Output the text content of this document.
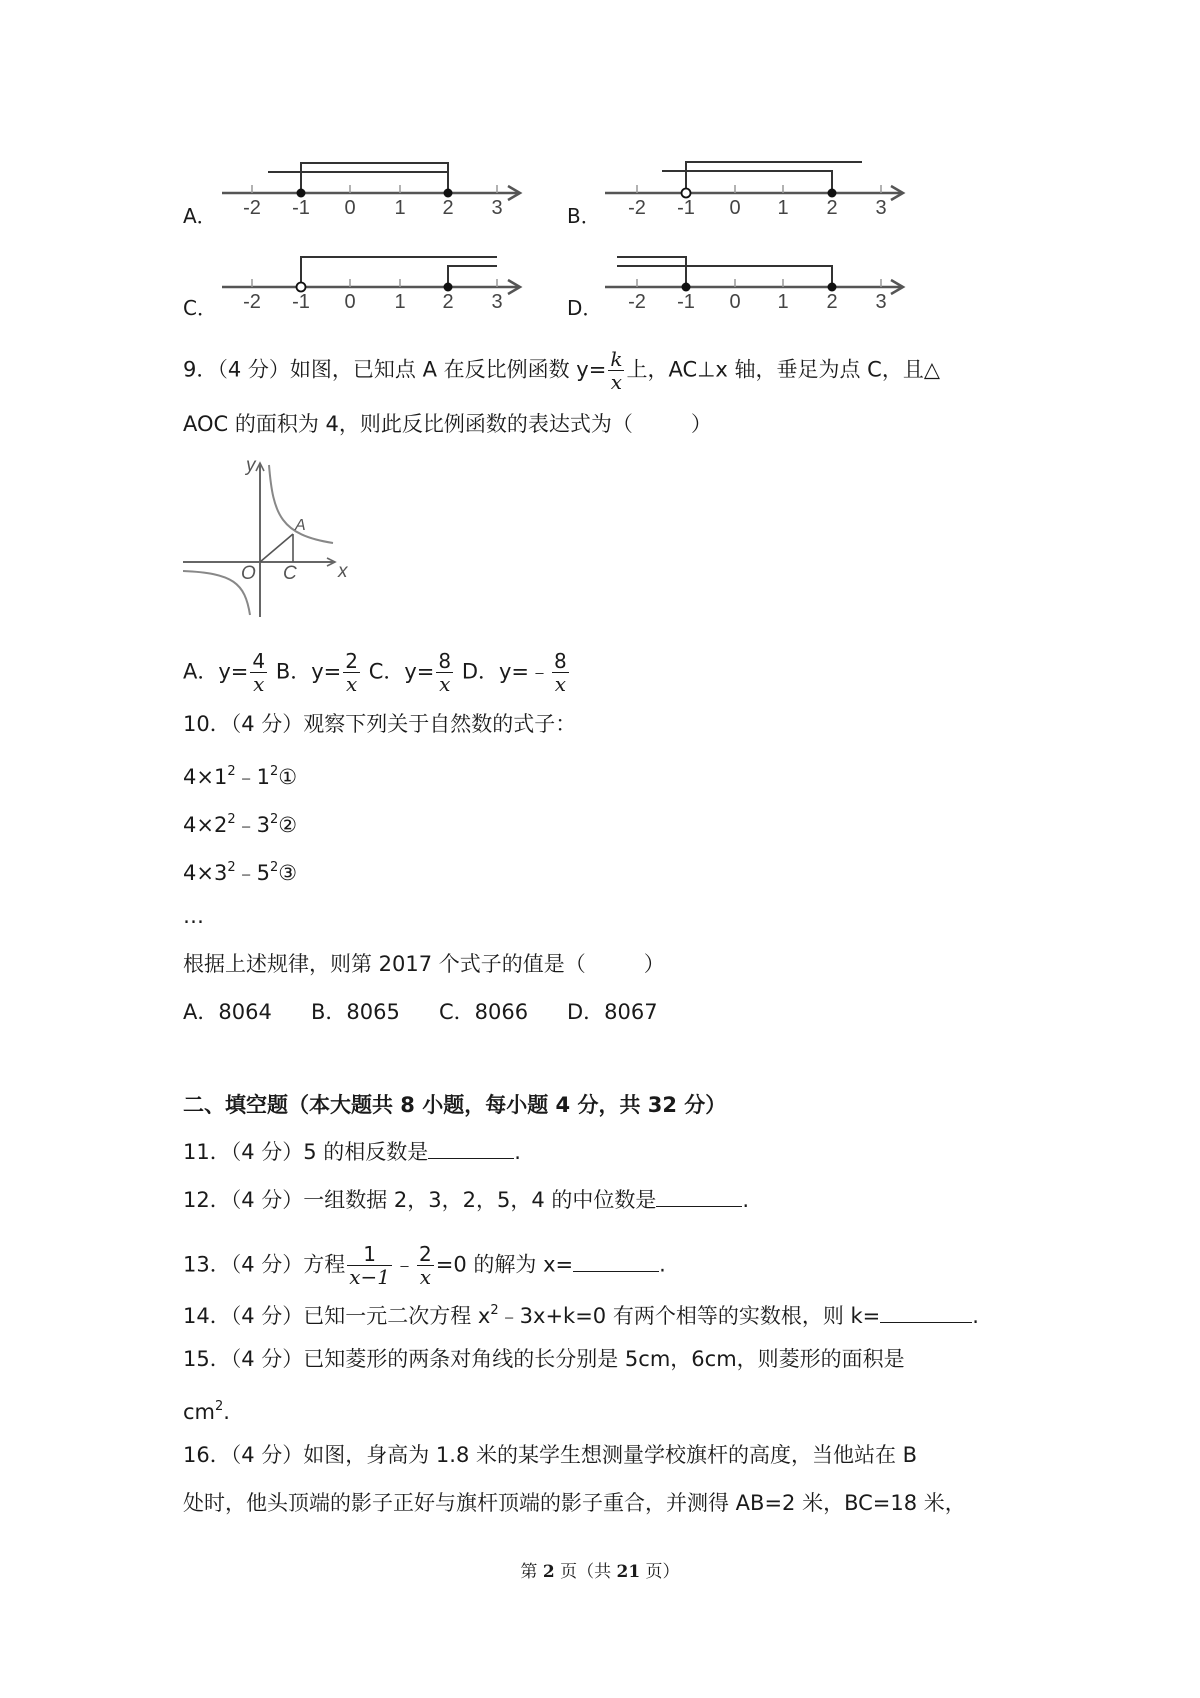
A．	B．
C．	D．
-2 -1 0 1 2 3	-2 -1 0 1 2 3
-2 -1 0 1 2 3	-2 -1 0 1 2 3
9．（4 分）如图，已知点 A 在反比例函数 $y= \frac{k}{x}$ 上，AC⊥x 轴，垂足为点 C，且△
AOC 的面积为 4，则此反比例函数的表达式为（	）
y
x
O
A
C
A．$y= \frac{4}{x}$ B．$y= \frac{2}{x}$ C．$y= \frac{8}{x}$ D．y=﹣ $\frac{8}{x}$
10．（4 分）观察下列关于自然数的式子：
$4\times 1^2﹣1^2①$
$4\times 2^2﹣3^2②$
$4\times 3^2﹣5^2③$
…
根据上述规律，则第 2017 个式子的值是（	）
A．8064 B．8065 C．8066 D．8067
二、填空题（本大题共 8 小题，每小题 4 分，共 32 分）
11．（4 分）5 的相反数是	.
12．（4 分）一组数据 2，3，2，5，4 的中位数是	.
13．（4 分）方程 $\frac{1}{x-1}$ ﹣ $\frac{2}{x} =0$ 的解为 x=	.
14．（4 分）已知一元二次方程 $x^2﹣3x+k=0$ 有两个相等的实数根，则 k=	.
15．（4 分）已知菱形的两条对角线的长分别是 5cm，6cm，则菱形的面积是
$cm^2$.
16．（4 分）如图，身高为 1.8 米的某学生想测量学校旗杆的高度，当他站在 B
处时，他头顶端的影子正好与旗杆顶端的影子重合，并测得 AB=2 米，BC=18 米，
第 2 页（共 21 页）
